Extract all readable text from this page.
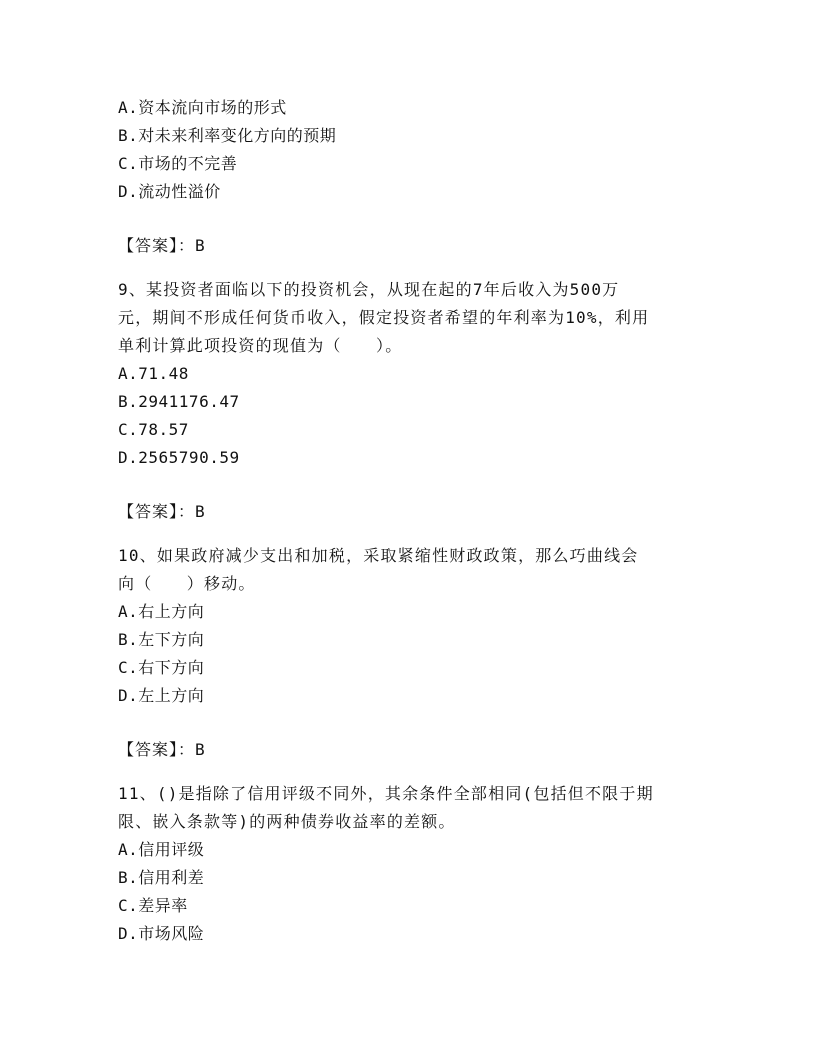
A.资本流向市场的形式
B.对未来利率变化方向的预期
C.市场的不完善
D.流动性溢价
【答案】：B
9、某投资者面临以下的投资机会，从现在起的7年后收入为500万
元，期间不形成任何货币收入，假定投资者希望的年利率为10%，利用
单利计算此项投资的现值为（　　）。
A.71.48
B.2941176.47
C.78.57
D.2565790.59
【答案】：B
10、如果政府减少支出和加税，采取紧缩性财政政策，那么巧曲线会
向（　　）移动。
A.右上方向
B.左下方向
C.右下方向
D.左上方向
【答案】：B
11、()是指除了信用评级不同外，其余条件全部相同(包括但不限于期
限、嵌入条款等)的两种债券收益率的差额。
A.信用评级
B.信用利差
C.差异率
D.市场风险
